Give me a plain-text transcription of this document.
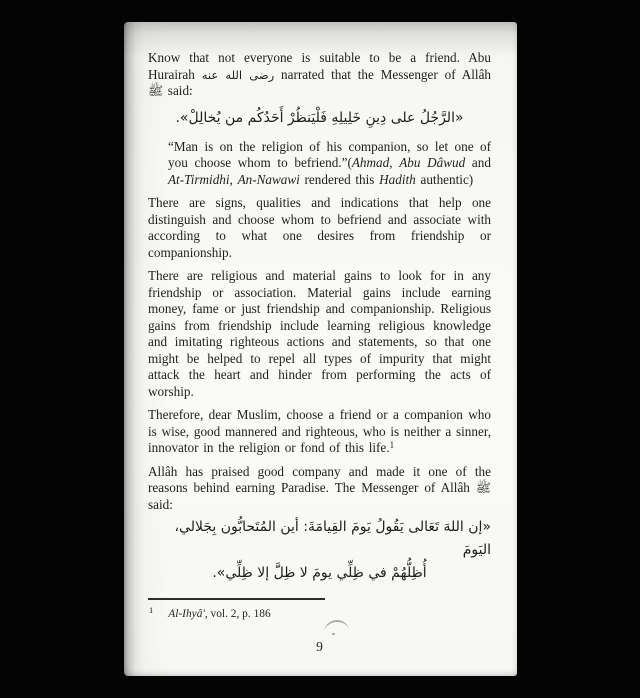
Know that not everyone is suitable to be a friend. Abu Hurairah رضى الله عنه narrated that the Messenger of Allâh ﷺ said:

«الرَّجُلُ على دِينِ خَلِيلِهِ فَلْيَنظُرْ أَحَدُكُم من يُخالِلْ».

“Man is on the religion of his companion, so let one of you choose whom to befriend.”(Ahmad, Abu Dâwud and At-Tirmidhi, An-Nawawi rendered this Hadith authentic)

There are signs, qualities and indications that help one distinguish and choose whom to befriend and associate with according to what one desires from friendship or companionship.

There are religious and material gains to look for in any friendship or association. Material gains include earning money, fame or just friendship and companionship. Religious gains from friendship include learning religious knowledge and imitating righteous actions and statements, so that one might be helped to repel all types of impurity that might attack the heart and hinder from performing the acts of worship.

Therefore, dear Muslim, choose a friend or a companion who is wise, good mannered and righteous, who is neither a sinner, innovator in the religion or fond of this life.$^1$

Allâh has praised good company and made it one of the reasons behind earning Paradise. The Messenger of Allâh ﷺ said:

«إن اللهَ تَعَالى يَقُولُ يَومَ القِيامَةَ: أين المُتَحابُّون بِجَلالي، اليَومَ
أُظِلُّهُمْ في ظِلِّي يومَ لا ظِلَّ إلا ظِلِّي».
1 Al-Ihyâ', vol. 2, p. 186
9
